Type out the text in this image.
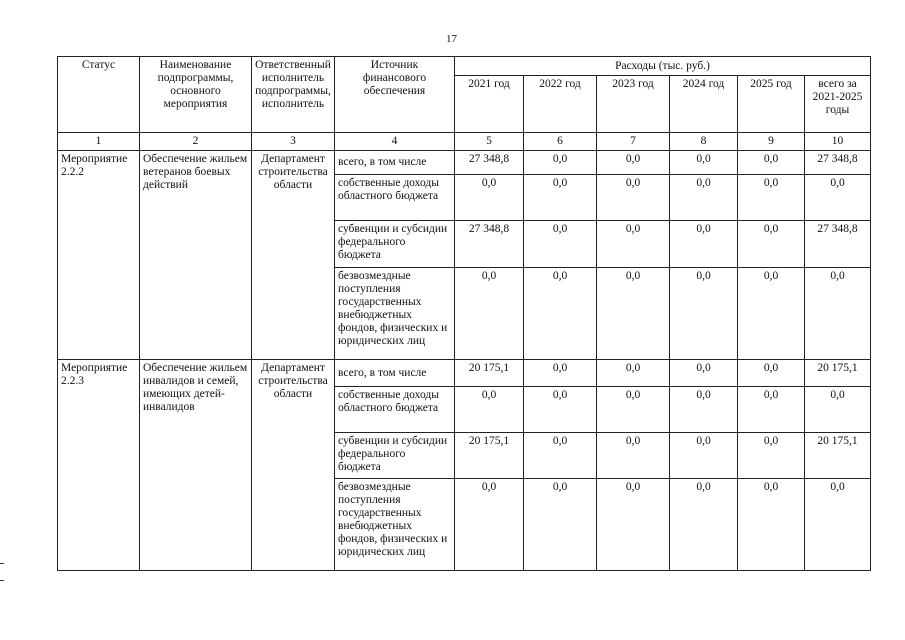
17
Статус	Наименование подпрограммы, основного мероприятия	Ответственный исполнитель подпрограммы, исполнитель	Источник финансового обеспечения	Расходы (тыс. руб.)					
				2021 год	2022 год	2023 год	2024 год	2025 год	всего за 2021-2025 годы
1	2	3	4	5	6	7	8	9	10
Мероприятие 2.2.2	Обеспечение жильем ветеранов боевых действий	Департамент строительства области	всего, в том числе	27 348,8	0,0	0,0	0,0	0,0	27 348,8
			собственные доходы областного бюджета	0,0	0,0	0,0	0,0	0,0	0,0
			субвенции и субсидии федерального бюджета	27 348,8	0,0	0,0	0,0	0,0	27 348,8
			безвозмездные поступления государственных внебюджетных фондов, физических и юридических лиц	0,0	0,0	0,0	0,0	0,0	0,0
Мероприятие 2.2.3	Обеспечение жильем инвалидов и семей, имеющих детей-инвалидов	Департамент строительства области	всего, в том числе	20 175,1	0,0	0,0	0,0	0,0	20 175,1
			собственные доходы областного бюджета	0,0	0,0	0,0	0,0	0,0	0,0
			субвенции и субсидии федерального бюджета	20 175,1	0,0	0,0	0,0	0,0	20 175,1
			безвозмездные поступления государственных внебюджетных фондов, физических и юридических лиц	0,0	0,0	0,0	0,0	0,0	0,0
